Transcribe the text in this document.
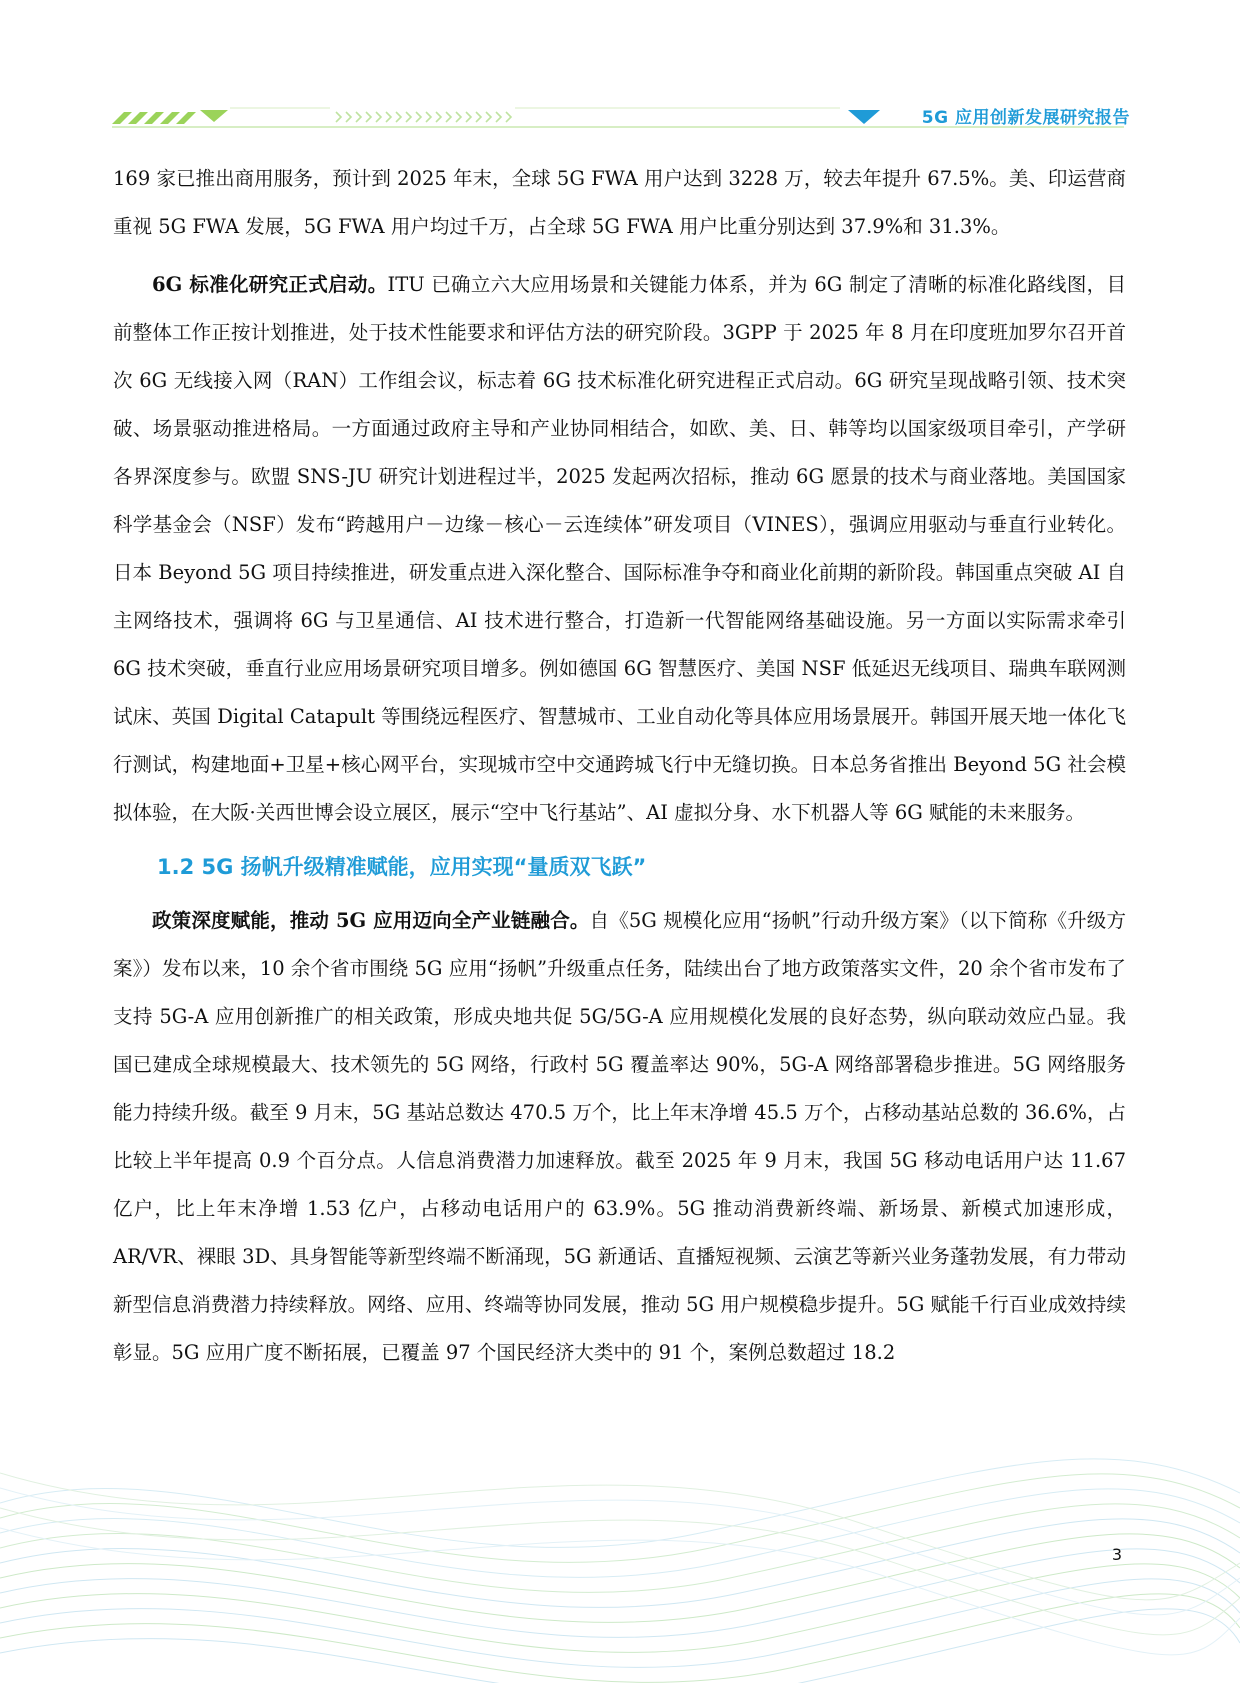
5G 应用创新发展研究报告

169 家已推出商用服务，预计到 2025 年末，全球 5G FWA 用户达到 3228 万，较去年提升 67.5%。美、印运营商重视 5G FWA 发展，5G FWA 用户均过千万，占全球 5G FWA 用户比重分别达到 37.9%和 31.3%。

6G 标准化研究正式启动。ITU 已确立六大应用场景和关键能力体系，并为 6G 制定了清晰的标准化路线图，目前整体工作正按计划推进，处于技术性能要求和评估方法的研究阶段。3GPP 于 2025 年 8 月在印度班加罗尔召开首次 6G 无线接入网（RAN）工作组会议，标志着 6G 技术标准化研究进程正式启动。6G 研究呈现战略引领、技术突破、场景驱动推进格局。一方面通过政府主导和产业协同相结合，如欧、美、日、韩等均以国家级项目牵引，产学研各界深度参与。欧盟 SNS-JU 研究计划进程过半，2025 发起两次招标，推动 6G 愿景的技术与商业落地。美国国家科学基金会（NSF）发布“跨越用户－边缘－核心－云连续体”研发项目（VINES），强调应用驱动与垂直行业转化。日本 Beyond 5G 项目持续推进，研发重点进入深化整合、国际标准争夺和商业化前期的新阶段。韩国重点突破 AI 自主网络技术，强调将 6G 与卫星通信、AI 技术进行整合，打造新一代智能网络基础设施。另一方面以实际需求牵引 6G 技术突破，垂直行业应用场景研究项目增多。例如德国 6G 智慧医疗、美国 NSF 低延迟无线项目、瑞典车联网测试床、英国 Digital Catapult 等围绕远程医疗、智慧城市、工业自动化等具体应用场景展开。韩国开展天地一体化飞行测试，构建地面+卫星+核心网平台，实现城市空中交通跨城飞行中无缝切换。日本总务省推出 Beyond 5G 社会模拟体验，在大阪·关西世博会设立展区，展示“空中飞行基站”、AI 虚拟分身、水下机器人等 6G 赋能的未来服务。

1.2 5G 扬帆升级精准赋能，应用实现“量质双飞跃”

政策深度赋能，推动 5G 应用迈向全产业链融合。自《5G 规模化应用“扬帆”行动升级方案》（以下简称《升级方案》）发布以来，10 余个省市围绕 5G 应用“扬帆”升级重点任务，陆续出台了地方政策落实文件，20 余个省市发布了支持 5G-A 应用创新推广的相关政策，形成央地共促 5G/5G-A 应用规模化发展的良好态势，纵向联动效应凸显。我国已建成全球规模最大、技术领先的 5G 网络，行政村 5G 覆盖率达 90%，5G-A 网络部署稳步推进。5G 网络服务能力持续升级。截至 9 月末，5G 基站总数达 470.5 万个，比上年末净增 45.5 万个，占移动基站总数的 36.6%，占比较上半年提高 0.9 个百分点。人信息消费潜力加速释放。截至 2025 年 9 月末，我国 5G 移动电话用户达 11.67 亿户，比上年末净增 1.53 亿户，占移动电话用户的 63.9%。5G 推动消费新终端、新场景、新模式加速形成，AR/VR、裸眼 3D、具身智能等新型终端不断涌现，5G 新通话、直播短视频、云演艺等新兴业务蓬勃发展，有力带动新型信息消费潜力持续释放。网络、应用、终端等协同发展，推动 5G 用户规模稳步提升。5G 赋能千行百业成效持续彰显。5G 应用广度不断拓展，已覆盖 97 个国民经济大类中的 91 个，案例总数超过 18.2

3
